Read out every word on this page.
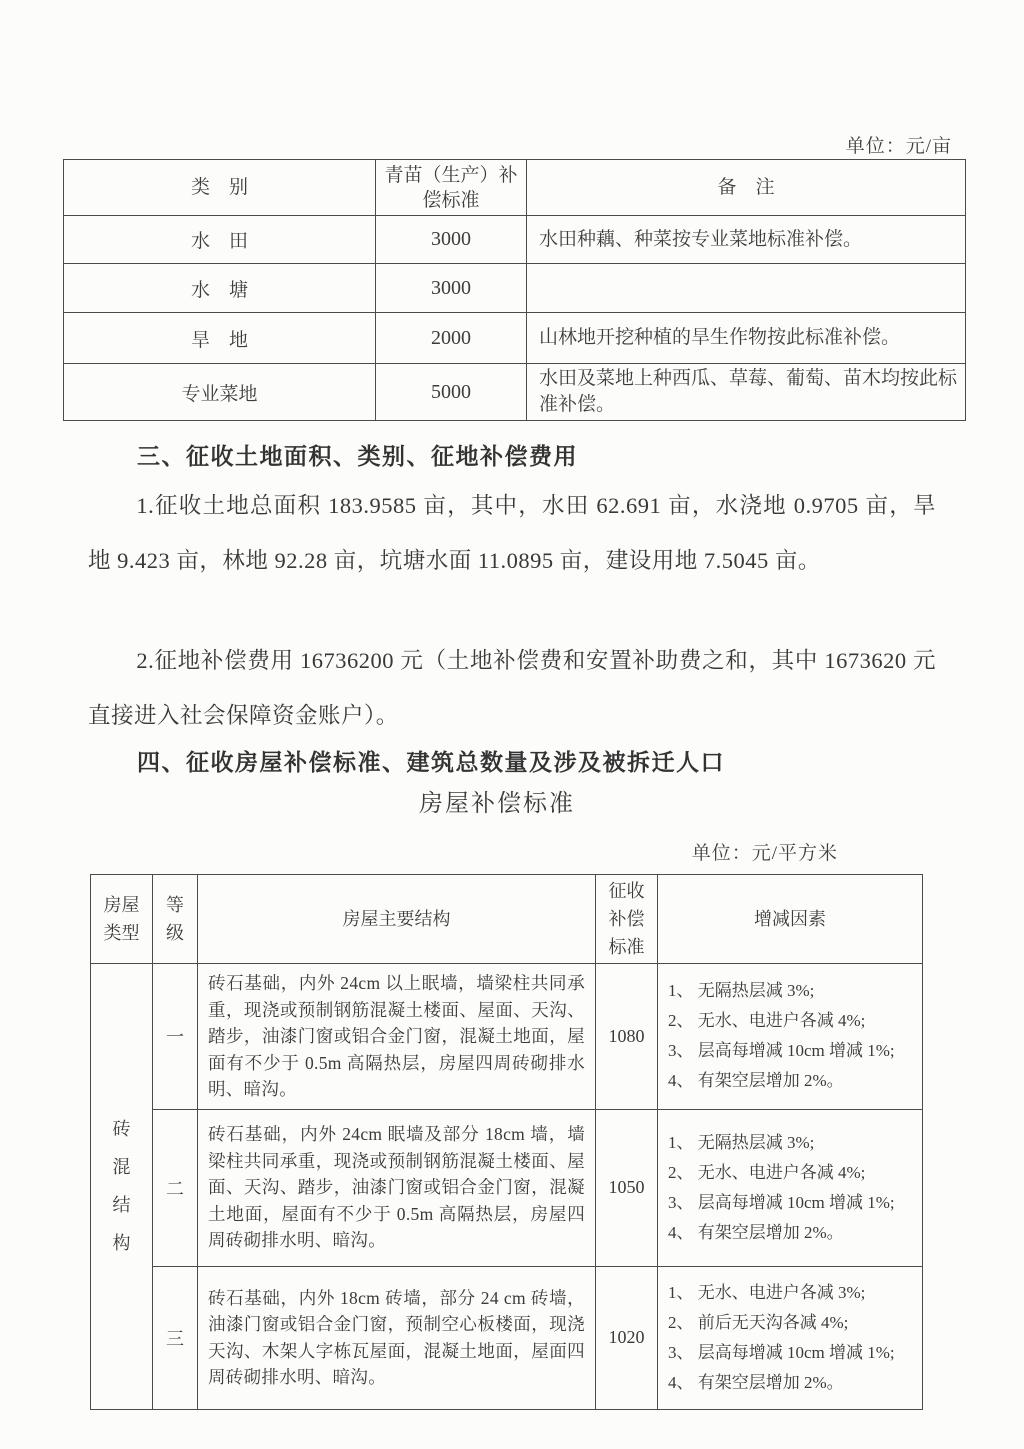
单位：元/亩
类　别	青苗（生产）补偿标准	备　注
水　田	3000	水田种藕、种菜按专业菜地标准补偿。
水　塘	3000	
旱　地	2000	山林地开挖种植的旱生作物按此标准补偿。
专业菜地	5000	水田及菜地上种西瓜、草莓、葡萄、苗木均按此标准补偿。
三、征收土地面积、类别、征地补偿费用
1.征收土地总面积 183.9585 亩，其中，水田 62.691 亩，水浇地 0.9705 亩，旱地 9.423 亩，林地 92.28 亩，坑塘水面 11.0895 亩，建设用地 7.5045 亩。
2.征地补偿费用 16736200 元（土地补偿费和安置补助费之和，其中 1673620 元直接进入社会保障资金账户）。
四、征收房屋补偿标准、建筑总数量及涉及被拆迁人口
房屋补偿标准
单位：元/平方米
房屋类型	等级	房屋主要结构	征收补偿标准	增减因素
砖混结构	一	砖石基础，内外 24cm 以上眠墙，墙梁柱共同承重，现浇或预制钢筋混凝土楼面、屋面、天沟、踏步，油漆门窗或铝合金门窗，混凝土地面，屋面有不少于 0.5m 高隔热层，房屋四周砖砌排水明、暗沟。	1080	1、 无隔热层减 3%;
2、 无水、电进户各减 4%;
3、 层高每增减 10cm 增减 1%;
4、 有架空层增加 2%。

	二	砖石基础，内外 24cm 眠墙及部分 18cm 墙，墙梁柱共同承重，现浇或预制钢筋混凝土楼面、屋面、天沟、踏步，油漆门窗或铝合金门窗，混凝土地面，屋面有不少于 0.5m 高隔热层，房屋四周砖砌排水明、暗沟。	1050	1、 无隔热层减 3%;
2、 无水、电进户各减 4%;
3、 层高每增减 10cm 增减 1%;
4、 有架空层增加 2%。

	三	砖石基础，内外 18cm 砖墙，部分 24 cm 砖墙，油漆门窗或铝合金门窗，预制空心板楼面，现浇天沟、木架人字栋瓦屋面，混凝土地面，屋面四周砖砌排水明、暗沟。	1020	1、 无水、电进户各减 3%;
2、 前后无天沟各减 4%;
3、 层高每增减 10cm 增减 1%;
4、 有架空层增加 2%。
